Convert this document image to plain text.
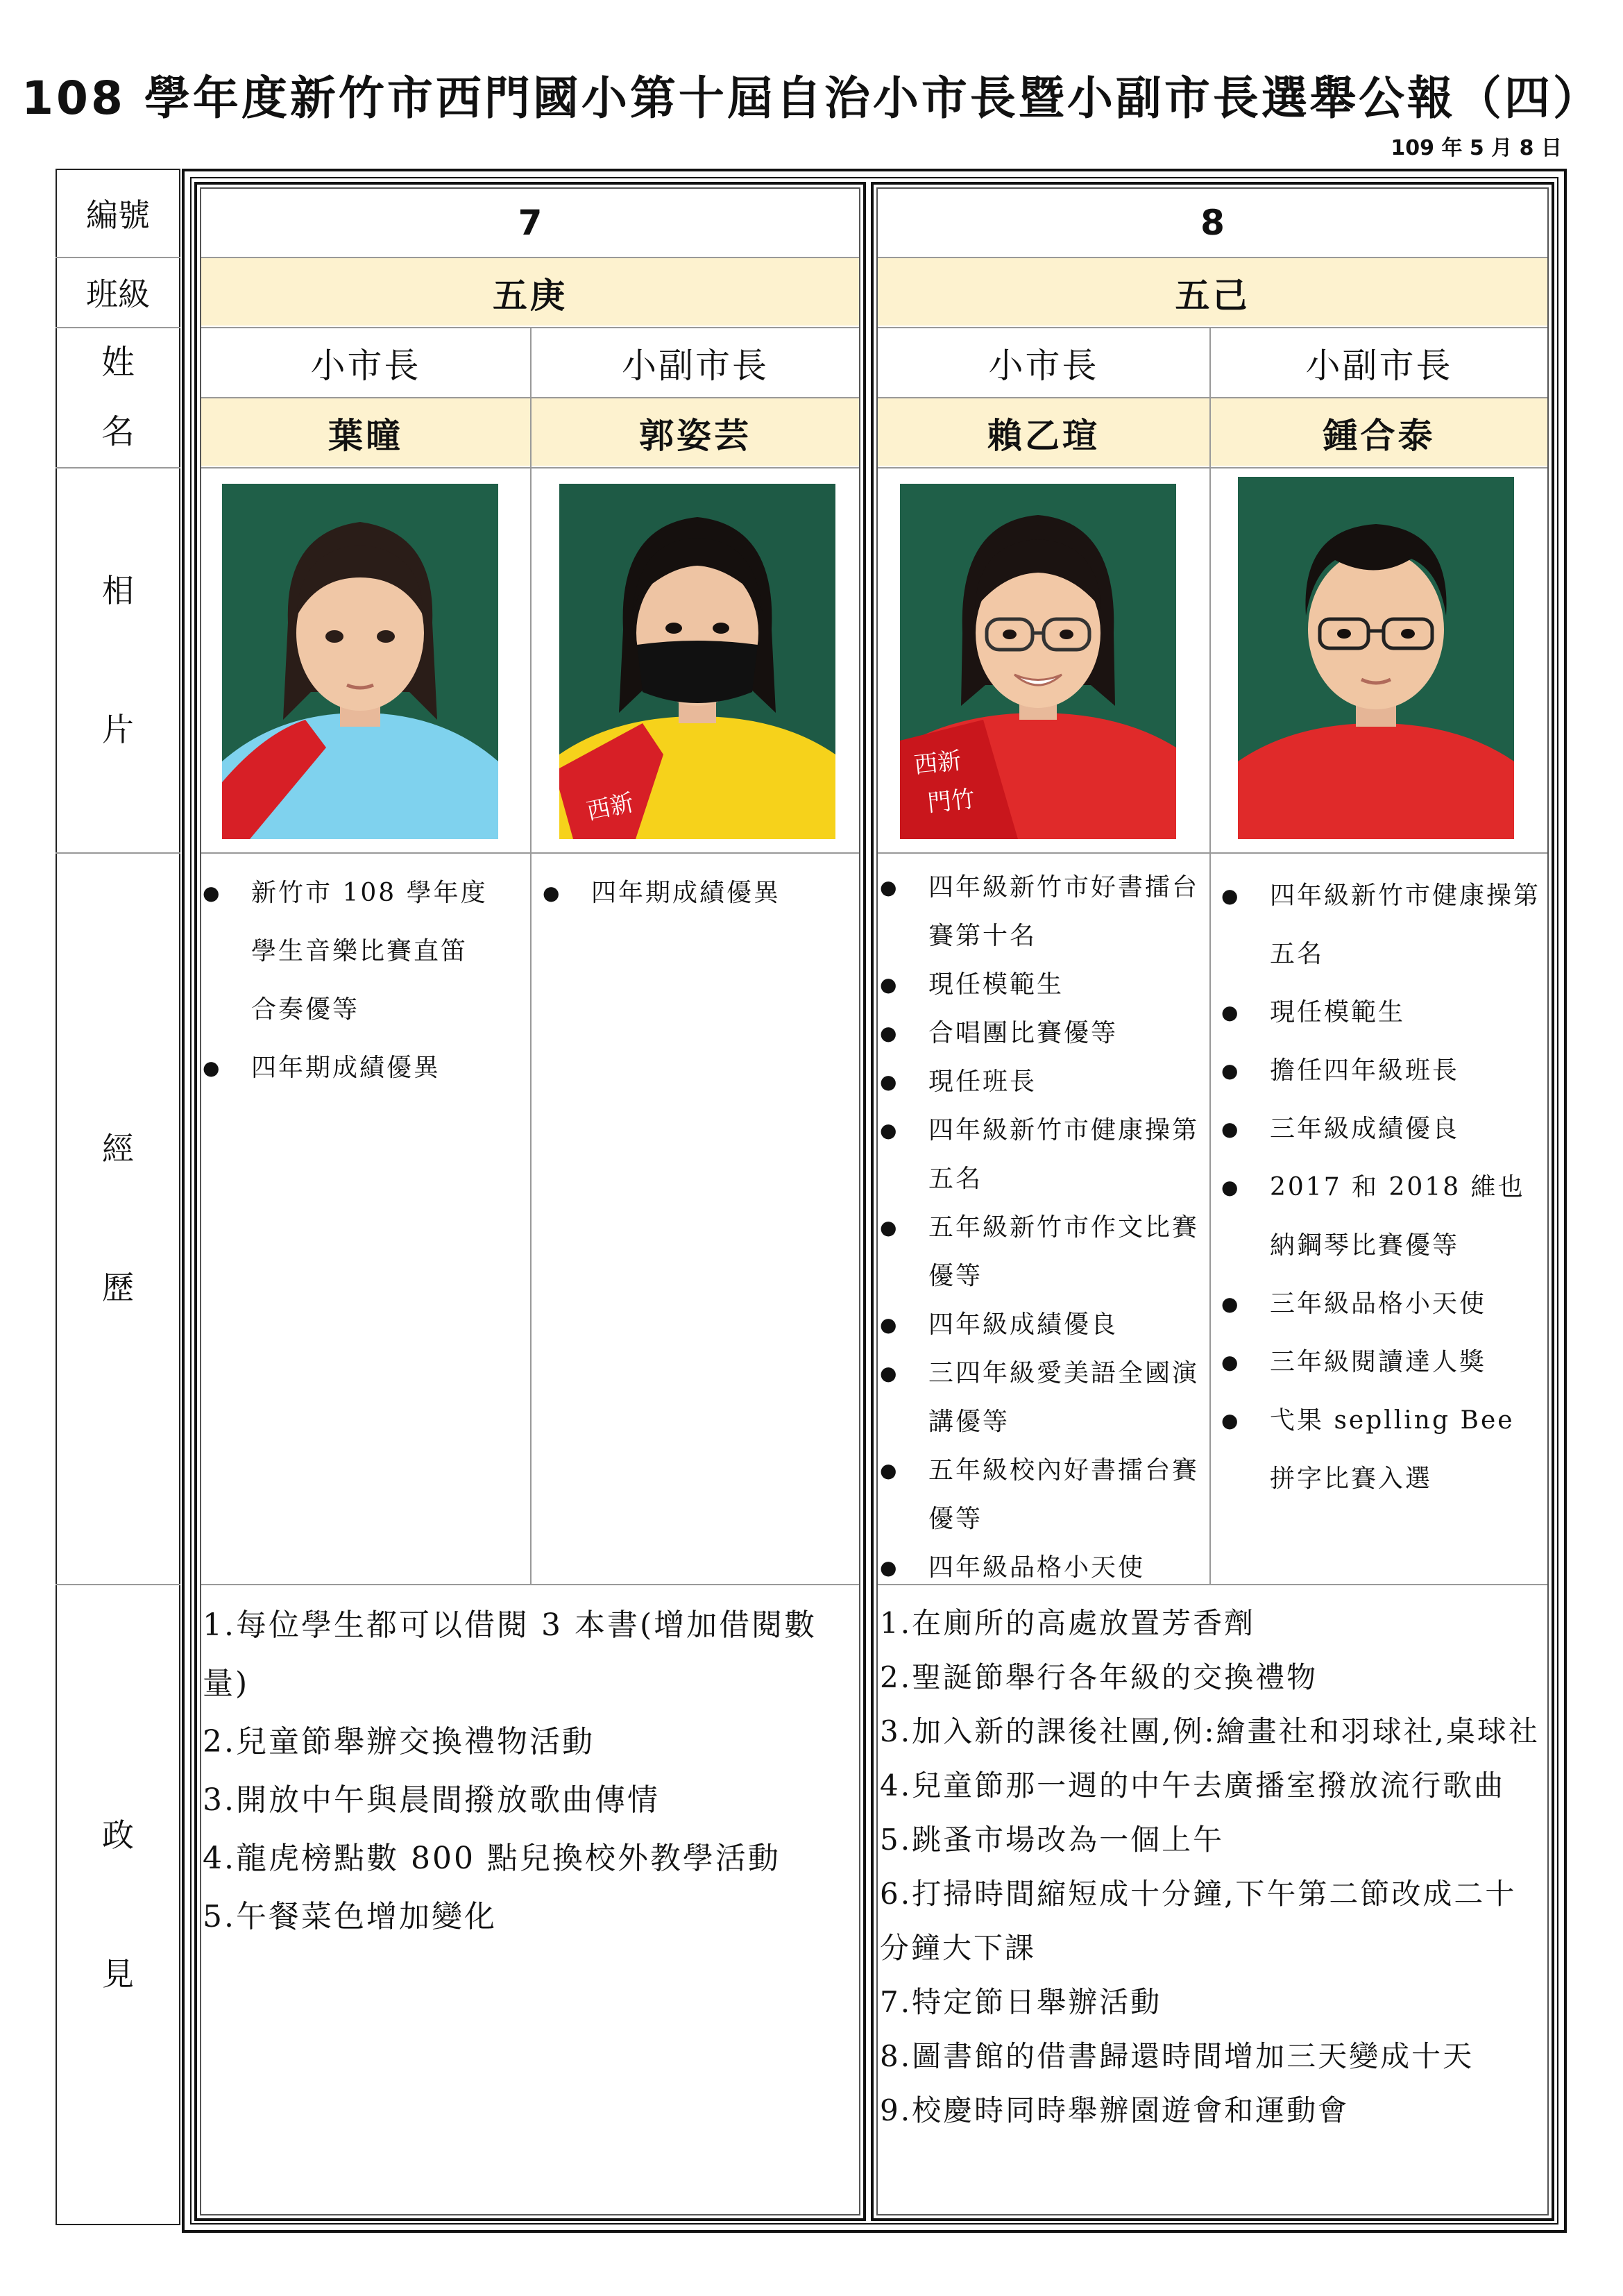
108 學年度新竹市西門國小第十屆自治小市長暨小副市長選舉公報（四）
109 年 5 月 8 日
編號
班級
姓
名
相
片
經
歷
政
見
7
五庚
小市長	小副市長
葉曈	郭姿芸
8
五己
小市長	小副市長
賴乙瑄	鍾合泰
西新
西新
門竹
● 新竹市 108 學年度學生音樂比賽直笛合奏優等
● 四年期成績優異
● 四年期成績優異
●	四年級新竹市好書擂台賽第十名
● 現任模範生
● 合唱團比賽優等
● 現任班長
● 四年級新竹市健康操第五名
● 五年級新竹市作文比賽優等
● 四年級成績優良
● 三四年級愛美語全國演講優等
● 五年級校內好書擂台賽優等
● 四年級品格小天使
● 四年級新竹市健康操第五名
● 現任模範生
● 擔任四年級班長
● 三年級成績優良
● 2017 和 2018 維也納鋼琴比賽優等
● 三年級品格小天使
● 三年級閱讀達人獎
● 弋果 seplling Bee 拼字比賽入選
1.每位學生都可以借閱 3 本書(增加借閱數量)
2.兒童節舉辦交換禮物活動
3.開放中午與晨間撥放歌曲傳情
4.龍虎榜點數 800 點兒換校外教學活動
5.午餐菜色增加變化
1.在廁所的高處放置芳香劑
2.聖誕節舉行各年級的交換禮物
3.加入新的課後社團,例:繪畫社和羽球社,桌球社
4.兒童節那一週的中午去廣播室撥放流行歌曲
5.跳蚤市場改為一個上午
6.打掃時間縮短成十分鐘,下午第二節改成二十分鐘大下課
7.特定節日舉辦活動
8.圖書館的借書歸還時間增加三天變成十天
9.校慶時同時舉辦園遊會和運動會
